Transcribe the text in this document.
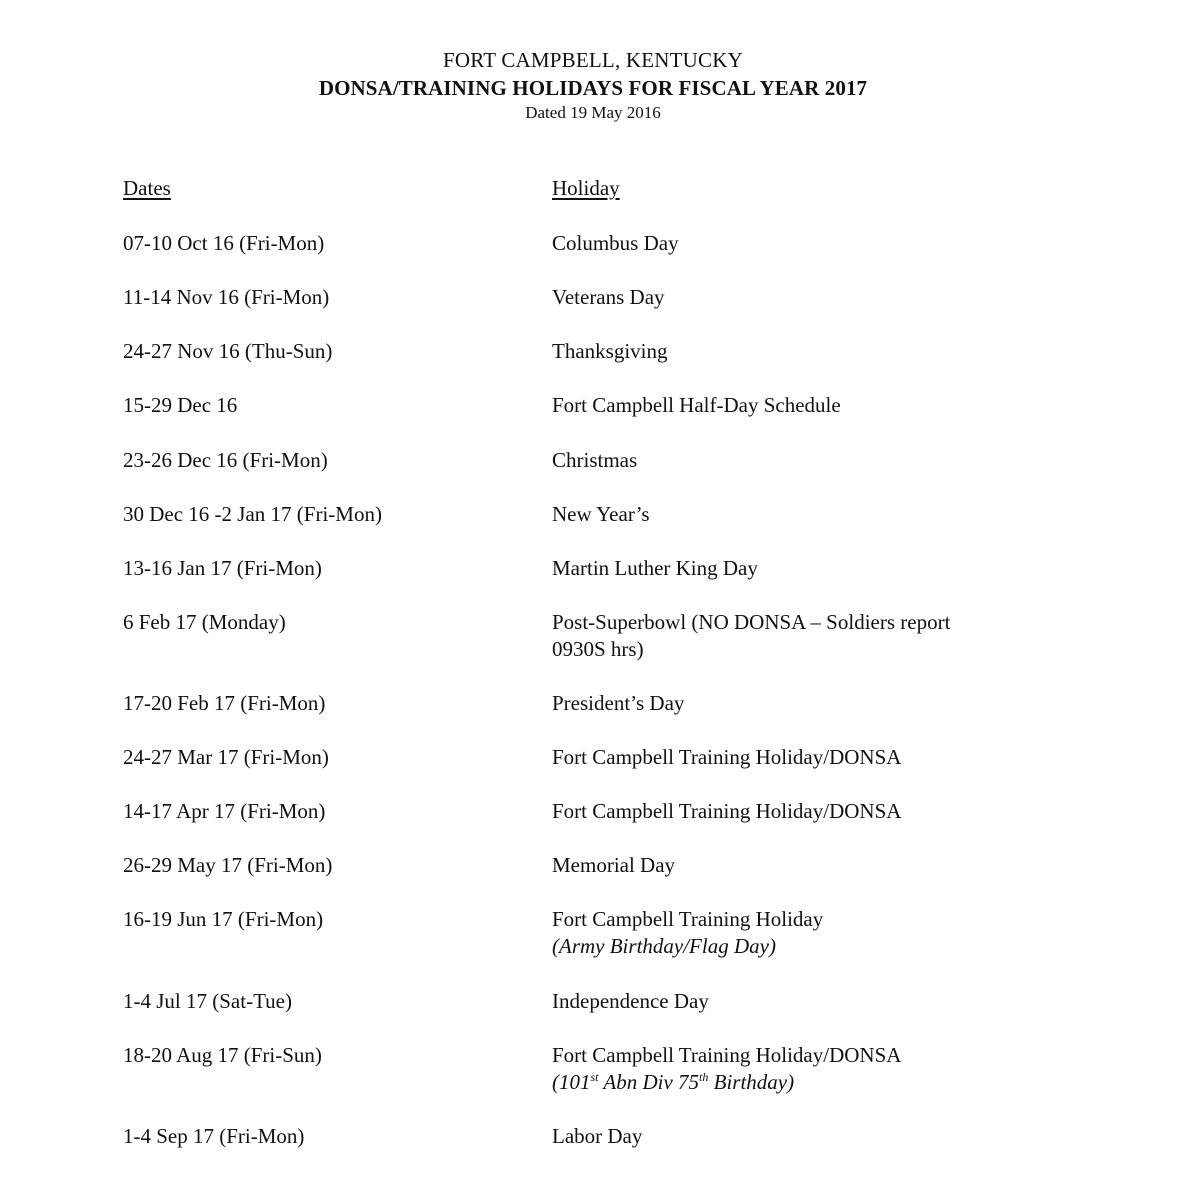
FORT CAMPBELL, KENTUCKY
DONSA/TRAINING HOLIDAYS FOR FISCAL YEAR 2017
Dated 19 May 2016
Dates	Holiday
07-10 Oct 16 (Fri-Mon)	Columbus Day
11-14 Nov 16 (Fri-Mon)	Veterans Day
24-27 Nov 16 (Thu-Sun)	Thanksgiving
15-29 Dec 16	Fort Campbell Half-Day Schedule
23-26 Dec 16 (Fri-Mon)	Christmas
30 Dec 16 -2 Jan 17 (Fri-Mon)	New Year’s
13-16 Jan 17 (Fri-Mon)	Martin Luther King Day
6 Feb 17 (Monday)	Post-Superbowl (NO DONSA – Soldiers report
0930S hrs)
17-20 Feb 17 (Fri-Mon)	President’s Day
24-27 Mar 17 (Fri-Mon)	Fort Campbell Training Holiday/DONSA
14-17 Apr 17 (Fri-Mon)	Fort Campbell Training Holiday/DONSA
26-29 May 17 (Fri-Mon)	Memorial Day
16-19 Jun 17 (Fri-Mon)	Fort Campbell Training Holiday
(Army Birthday/Flag Day)
1-4 Jul 17 (Sat-Tue)	Independence Day
18-20 Aug 17 (Fri-Sun)	Fort Campbell Training Holiday/DONSA
(101st Abn Div 75th Birthday)
1-4 Sep 17 (Fri-Mon)	Labor Day
